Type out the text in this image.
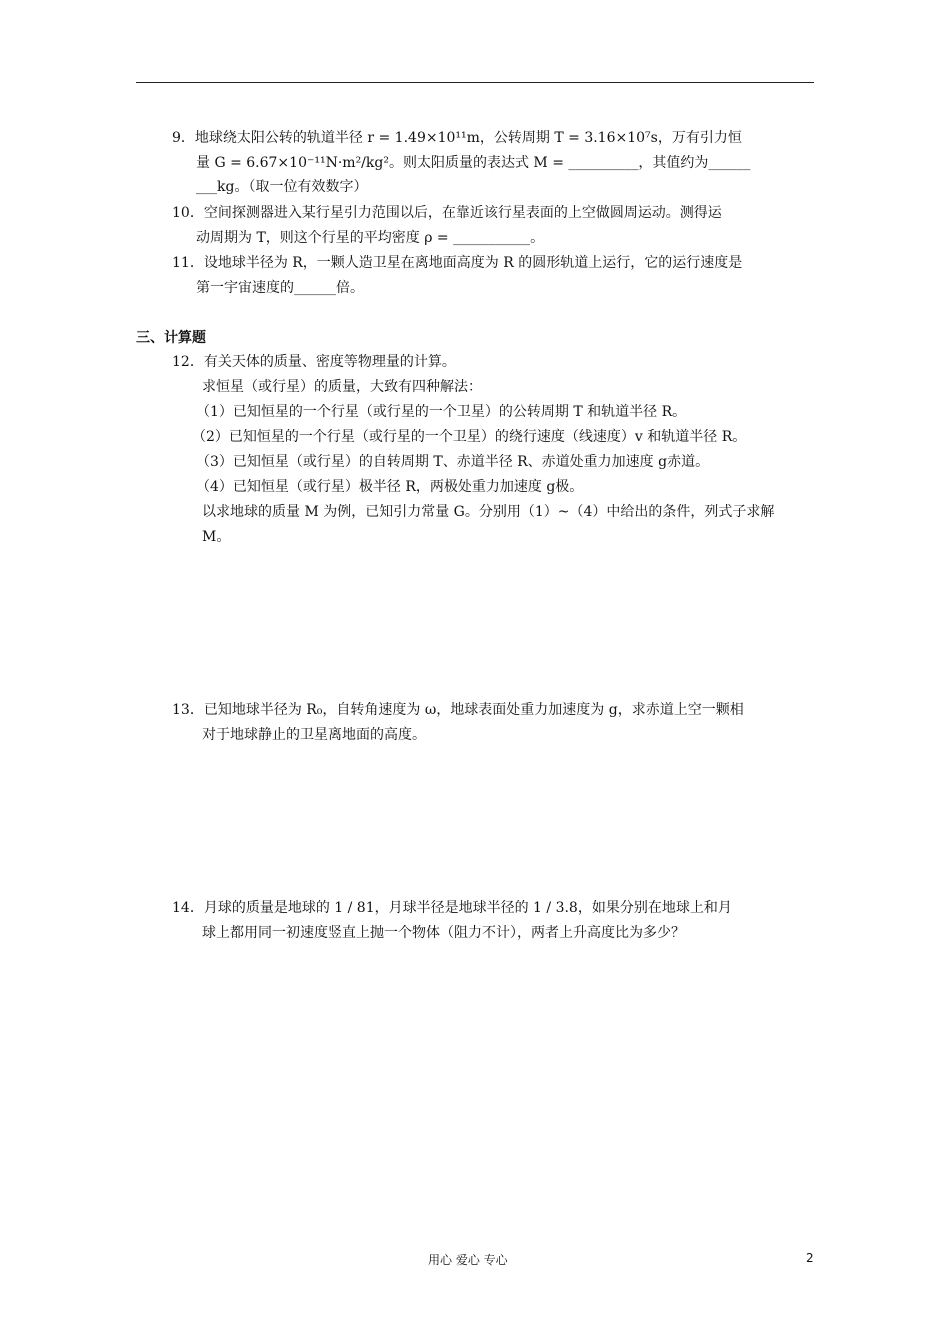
9．地球绕太阳公转的轨道半径 r = 1.49×10¹¹m，公转周期 T = 3.16×10⁷s，万有引力恒
量 G = 6.67×10⁻¹¹N·m²/kg²。则太阳质量的表达式 M = __________，其值约为______
___kg。（取一位有效数字）
10．空间探测器进入某行星引力范围以后，在靠近该行星表面的上空做圆周运动。测得运
动周期为 T，则这个行星的平均密度 ρ = ___________。
11．设地球半径为 R，一颗人造卫星在离地面高度为 R 的圆形轨道上运行，它的运行速度是
第一宇宙速度的______倍。
三、计算题
12．有关天体的质量、密度等物理量的计算。
求恒星（或行星）的质量，大致有四种解法：
（1）已知恒星的一个行星（或行星的一个卫星）的公转周期 T 和轨道半径 R。
（2）已知恒星的一个行星（或行星的一个卫星）的绕行速度（线速度）v 和轨道半径 R。
（3）已知恒星（或行星）的自转周期 T、赤道半径 R、赤道处重力加速度 g赤道。
（4）已知恒星（或行星）极半径 R，两极处重力加速度 g极。
以求地球的质量 M 为例，已知引力常量 G。分别用（1）~（4）中给出的条件，列式子求解
M。
13．已知地球半径为 R₀，自转角速度为 ω，地球表面处重力加速度为 g，求赤道上空一颗相
对于地球静止的卫星离地面的高度。
14．月球的质量是地球的 1 / 81，月球半径是地球半径的 1 / 3.8，如果分别在地球上和月
球上都用同一初速度竖直上抛一个物体（阻力不计），两者上升高度比为多少？
用心 爱心 专心	2
